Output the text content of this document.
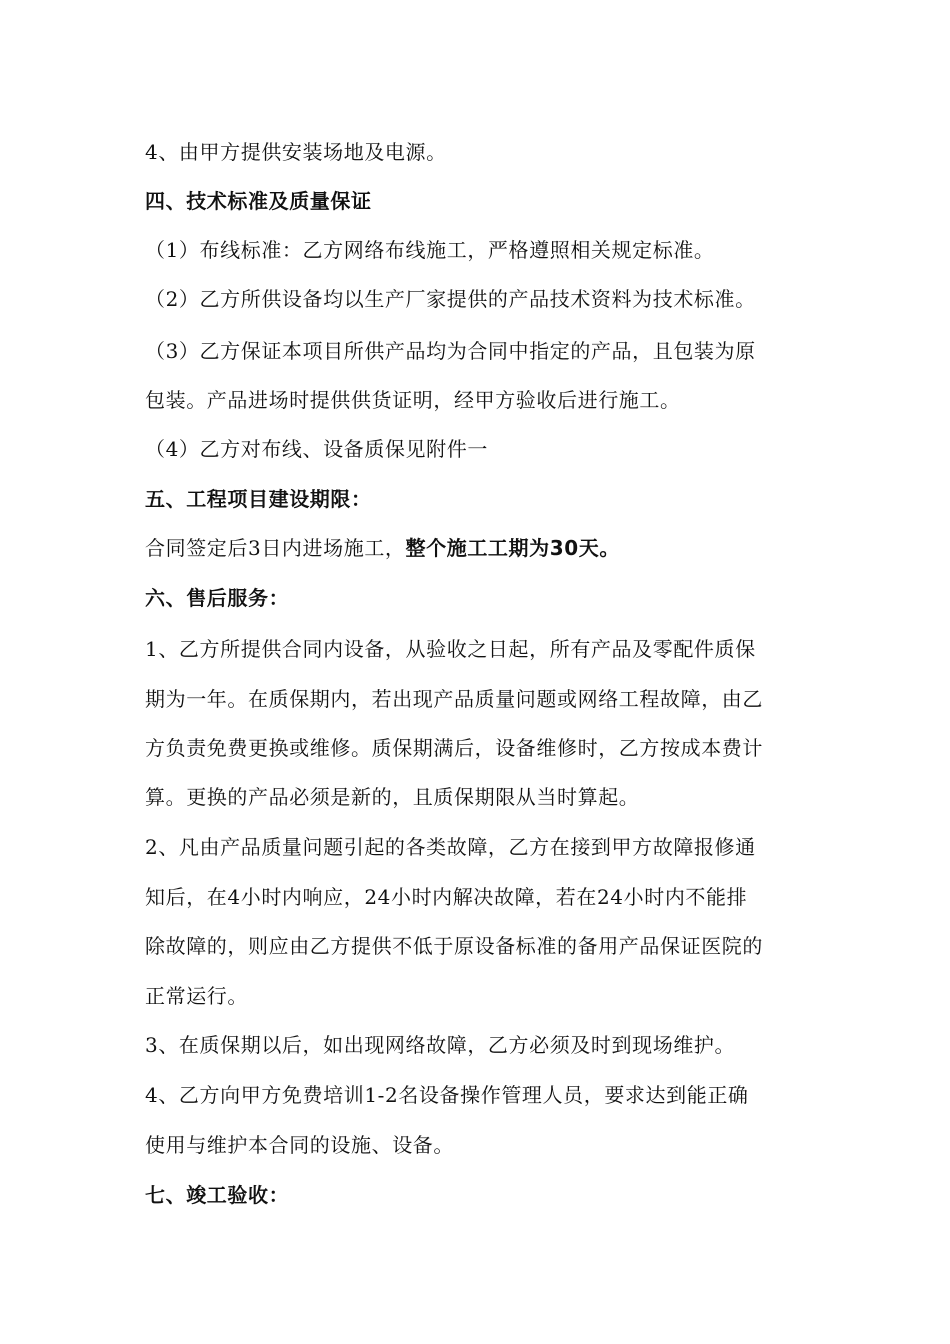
4、由甲方提供安装场地及电源。
四、技术标准及质量保证
（1）布线标准：乙方网络布线施工，严格遵照相关规定标准。
（2）乙方所供设备均以生产厂家提供的产品技术资料为技术标准。
（3）乙方保证本项目所供产品均为合同中指定的产品，且包装为原
包装。产品进场时提供供货证明，经甲方验收后进行施工。
（4）乙方对布线、设备质保见附件一
五、工程项目建设期限：
合同签定后3日内进场施工，整个施工工期为30天。
六、售后服务：
1、乙方所提供合同内设备，从验收之日起，所有产品及零配件质保
期为一年。在质保期内，若出现产品质量问题或网络工程故障，由乙
方负责免费更换或维修。质保期满后，设备维修时，乙方按成本费计
算。更换的产品必须是新的，且质保期限从当时算起。
2、凡由产品质量问题引起的各类故障，乙方在接到甲方故障报修通
知后，在4小时内响应，24小时内解决故障，若在24小时内不能排
除故障的，则应由乙方提供不低于原设备标准的备用产品保证医院的
正常运行。
3、在质保期以后，如出现网络故障，乙方必须及时到现场维护。
4、乙方向甲方免费培训1-2名设备操作管理人员，要求达到能正确
使用与维护本合同的设施、设备。
七、竣工验收：
